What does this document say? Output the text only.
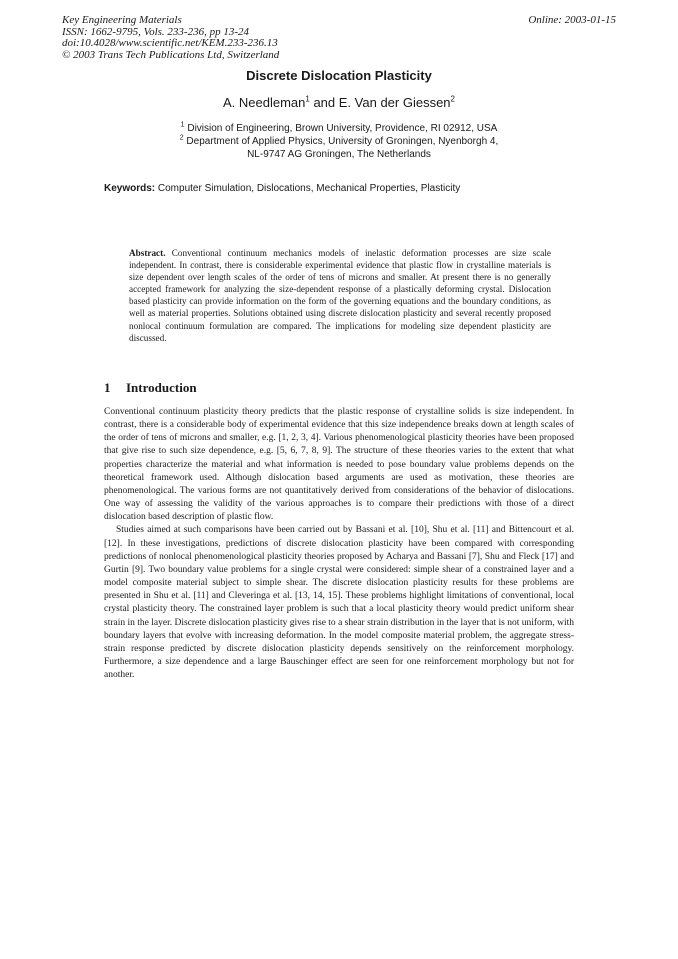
Key Engineering Materials
ISSN: 1662-9795, Vols. 233-236, pp 13-24
doi:10.4028/www.scientific.net/KEM.233-236.13
© 2003 Trans Tech Publications Ltd, Switzerland
Online: 2003-01-15
Discrete Dislocation Plasticity
A. Needleman$^1$ and E. Van der Giessen$^2$
$^1$ Division of Engineering, Brown University, Providence, RI 02912, USA
$^2$ Department of Applied Physics, University of Groningen, Nyenborgh 4,
NL-9747 AG Groningen, The Netherlands
Keywords: Computer Simulation, Dislocations, Mechanical Properties, Plasticity
Abstract. Conventional continuum mechanics models of inelastic deformation processes are size scale independent. In contrast, there is considerable experimental evidence that plastic flow in crystalline materials is size dependent over length scales of the order of tens of microns and smaller. At present there is no generally accepted framework for analyzing the size-dependent response of a plastically deforming crystal. Dislocation based plasticity can provide information on the form of the governing equations and the boundary conditions, as well as material properties. Solutions obtained using discrete dislocation plasticity and several recently proposed nonlocal continuum formulation are compared. The implications for modeling size dependent plasticity are discussed.
1 Introduction

Conventional continuum plasticity theory predicts that the plastic response of crystalline solids is size independent. In contrast, there is a considerable body of experimental evidence that this size independence breaks down at length scales of the order of tens of microns and smaller, e.g. [1, 2, 3, 4]. Various phenomenological plasticity theories have been proposed that give rise to such size dependence, e.g. [5, 6, 7, 8, 9]. The structure of these theories varies to the extent that what properties characterize the material and what information is needed to pose boundary value problems depends on the theoretical framework used. Although dislocation based arguments are used as motivation, these theories are phenomenological. The various forms are not quantitatively derived from considerations of the behavior of dislocations. One way of assessing the validity of the various approaches is to compare their predictions with those of a direct dislocation based description of plastic flow.

Studies aimed at such comparisons have been carried out by Bassani et al. [10], Shu et al. [11] and Bittencourt et al. [12]. In these investigations, predictions of discrete dislocation plasticity have been compared with corresponding predictions of nonlocal phenomenological plasticity theories proposed by Acharya and Bassani [7], Shu and Fleck [17] and Gurtin [9]. Two boundary value problems for a single crystal were considered: simple shear of a constrained layer and a model composite material subject to simple shear. The discrete dislocation plasticity results for these problems are presented in Shu et al. [11] and Cleveringa et al. [13, 14, 15]. These problems highlight limitations of conventional, local crystal plasticity theory. The constrained layer problem is such that a local plasticity theory would predict uniform shear strain in the layer. Discrete dislocation plasticity gives rise to a shear strain distribution in the layer that is not uniform, with boundary layers that evolve with increasing deformation. In the model composite material problem, the aggregate stress-strain response predicted by discrete dislocation plasticity depends sensitively on the reinforcement morphology. Furthermore, a size dependence and a large Bauschinger effect are seen for one reinforcement morphology but not for another.
